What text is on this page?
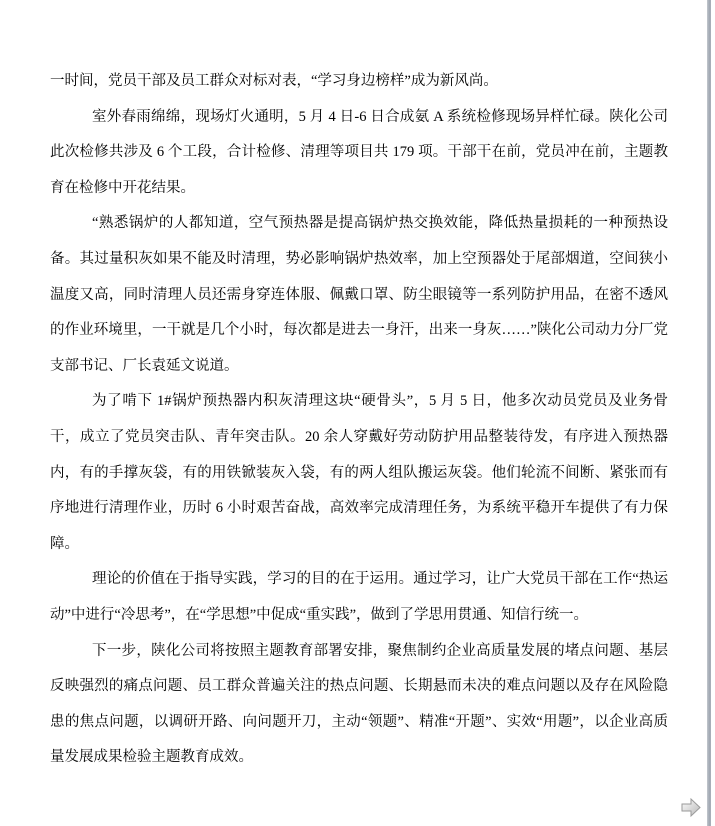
一时间，党员干部及员工群众对标对表，“学习身边榜样”成为新风尚。

室外春雨绵绵，现场灯火通明，5 月 4 日-6 日合成氨 A 系统检修现场异样忙碌。陕化公司此次检修共涉及 6 个工段，合计检修、清理等项目共 179 项。干部干在前，党员冲在前，主题教育在检修中开花结果。

“熟悉锅炉的人都知道，空气预热器是提高锅炉热交换效能，降低热量损耗的一种预热设备。其过量积灰如果不能及时清理，势必影响锅炉热效率，加上空预器处于尾部烟道，空间狭小温度又高，同时清理人员还需身穿连体服、佩戴口罩、防尘眼镜等一系列防护用品，在密不透风的作业环境里，一干就是几个小时，每次都是进去一身汗，出来一身灰……”陕化公司动力分厂党支部书记、厂长袁延文说道。

为了啃下 1#锅炉预热器内积灰清理这块“硬骨头”，5 月 5 日，他多次动员党员及业务骨干，成立了党员突击队、青年突击队。20 余人穿戴好劳动防护用品整装待发，有序进入预热器内，有的手撑灰袋，有的用铁锨装灰入袋，有的两人组队搬运灰袋。他们轮流不间断、紧张而有序地进行清理作业，历时 6 小时艰苦奋战，高效率完成清理任务，为系统平稳开车提供了有力保障。

理论的价值在于指导实践，学习的目的在于运用。通过学习，让广大党员干部在工作“热运动”中进行“冷思考”，在“学思想”中促成“重实践”，做到了学思用贯通、知信行统一。

下一步，陕化公司将按照主题教育部署安排，聚焦制约企业高质量发展的堵点问题、基层反映强烈的痛点问题、员工群众普遍关注的热点问题、长期悬而未决的难点问题以及存在风险隐患的焦点问题，以调研开路、向问题开刀，主动“领题”、精准“开题”、实效“用题”，以企业高质量发展成果检验主题教育成效。
